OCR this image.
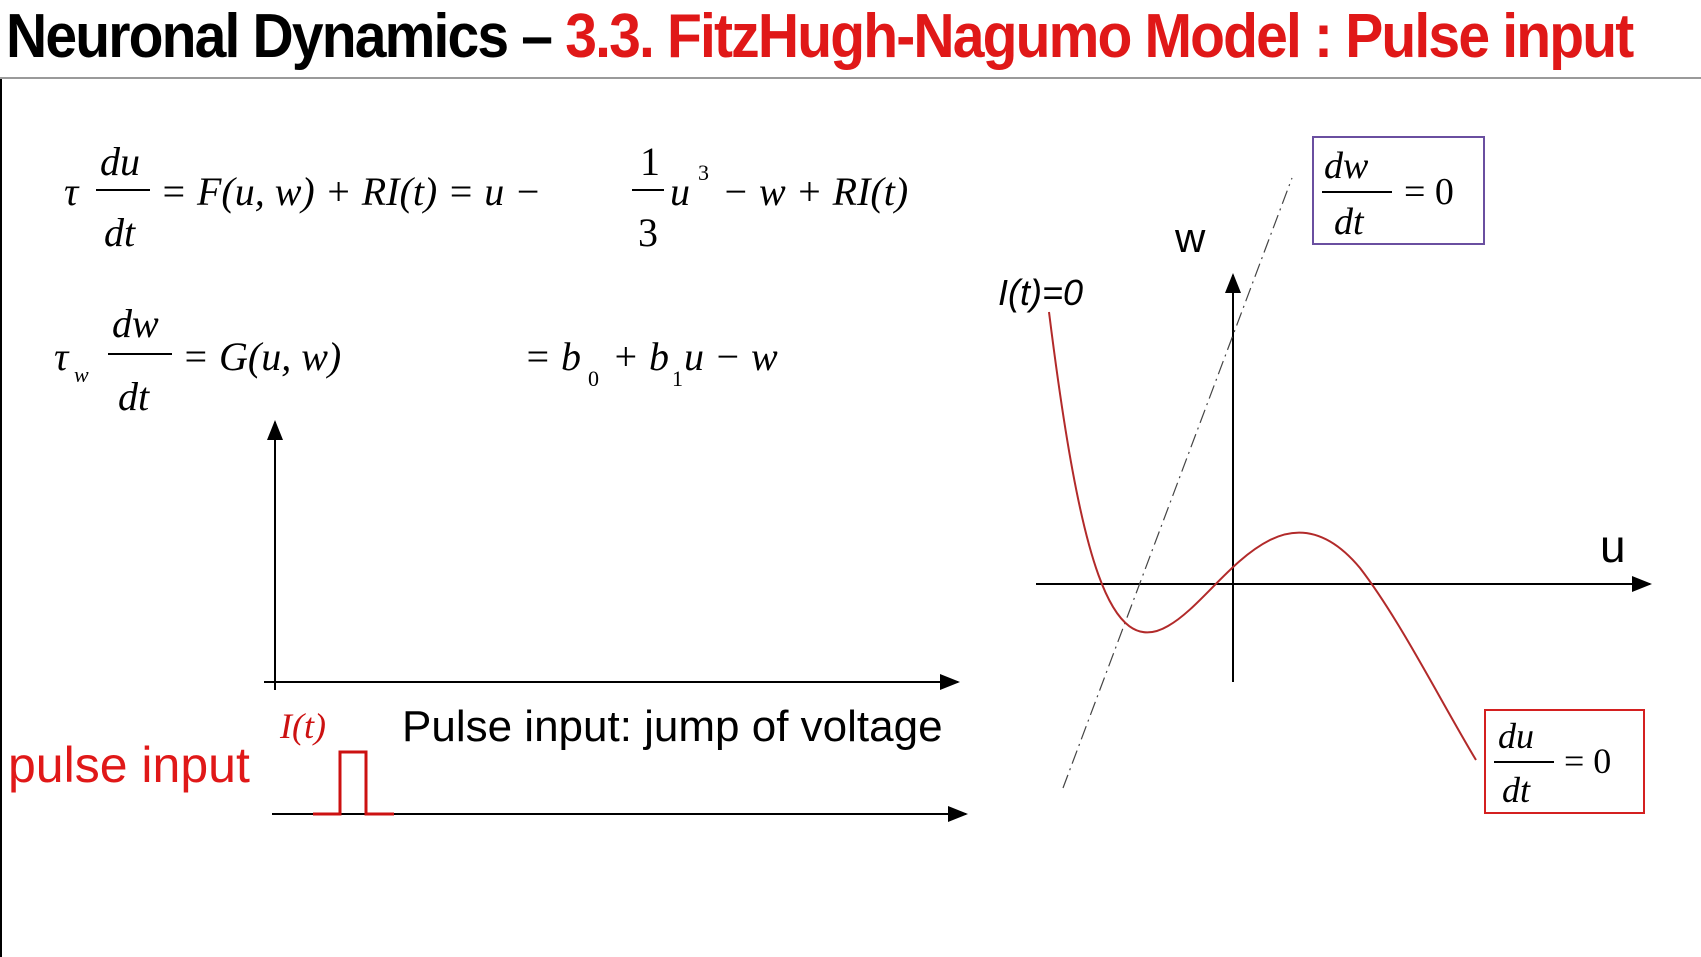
Neuronal Dynamics – 3.3. FitzHugh-Nagumo Model : Pulse input
τ
du
dt
= F(u, w) + RI(t) = u −
1
3
u 3 − w + RI(t)
τ w
dw
dt
= G(u, w)	= b 0 + b 1 u − w
I(t)
w
u
I(t)=0
dw
dt
= 0
du
dt
= 0
pulse input
Pulse input: jump of voltage
